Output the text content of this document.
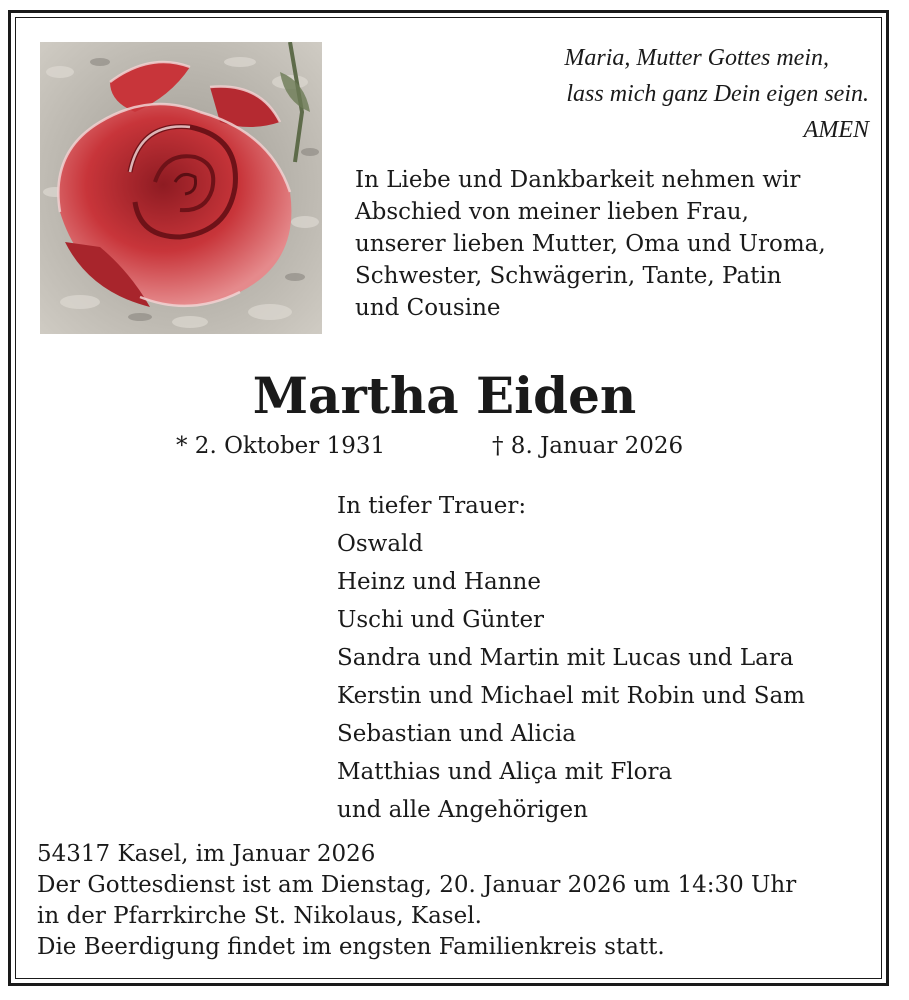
Maria, Mutter Gottes mein,
lass mich ganz Dein eigen sein.
AMEN
In Liebe und Dankbarkeit nehmen wir
Abschied von meiner lieben Frau,
unserer lieben Mutter, Oma und Uroma,
Schwester, Schwägerin, Tante, Patin
und Cousine
Martha Eiden
* 2. Oktober 1931	† 8. Januar 2026
In tiefer Trauer:
Oswald
Heinz und Hanne
Uschi und Günter
Sandra und Martin mit Lucas und Lara
Kerstin und Michael mit Robin und Sam
Sebastian und Alicia
Matthias und Aliça mit Flora
und alle Angehörigen
54317 Kasel, im Januar 2026
Der Gottesdienst ist am Dienstag, 20. Januar 2026 um 14:30 Uhr
in der Pfarrkirche St. Nikolaus, Kasel.
Die Beerdigung findet im engsten Familienkreis statt.
